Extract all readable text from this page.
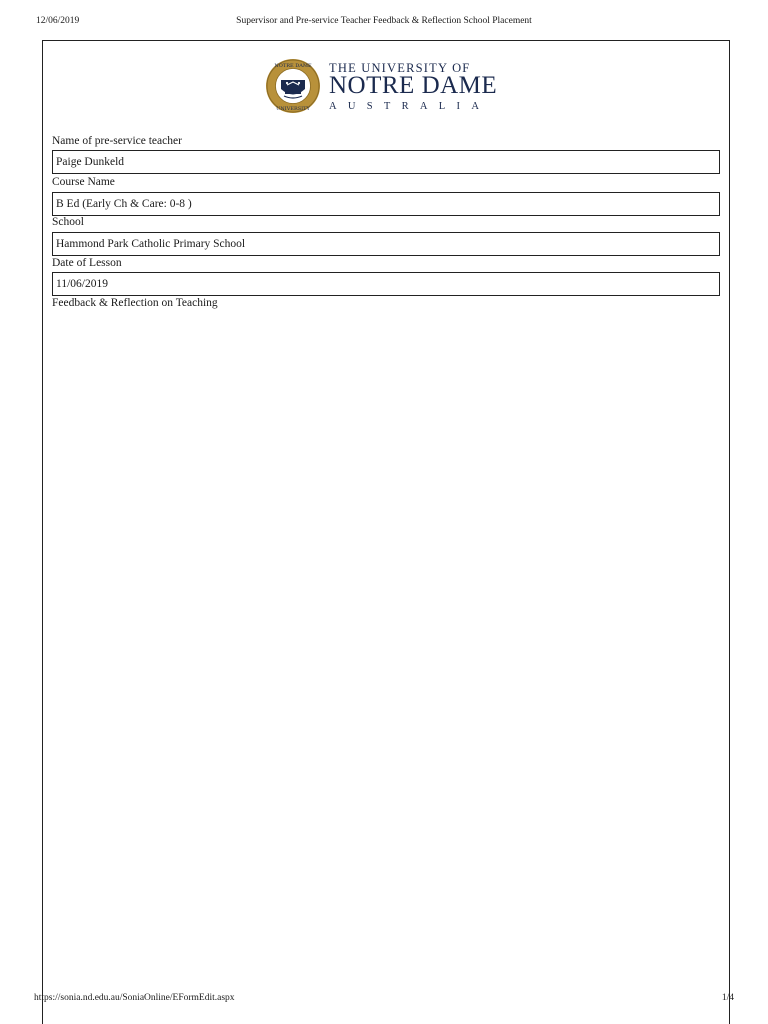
12/06/2019	Supervisor and Pre-service Teacher Feedback & Reflection School Placement
NOTRE DAME
UNIVERSITY
THE UNIVERSITY OF
NOTRE DAME
AUSTRALIA
Name of pre-service teacher
Paige Dunkeld
Course Name
B Ed (Early Ch & Care: 0-8 )
School
Hammond Park Catholic Primary School
Date of Lesson
11/06/2019
Feedback & Reflection on Teaching
https://sonia.nd.edu.au/SoniaOnline/EFormEdit.aspx	1/4
